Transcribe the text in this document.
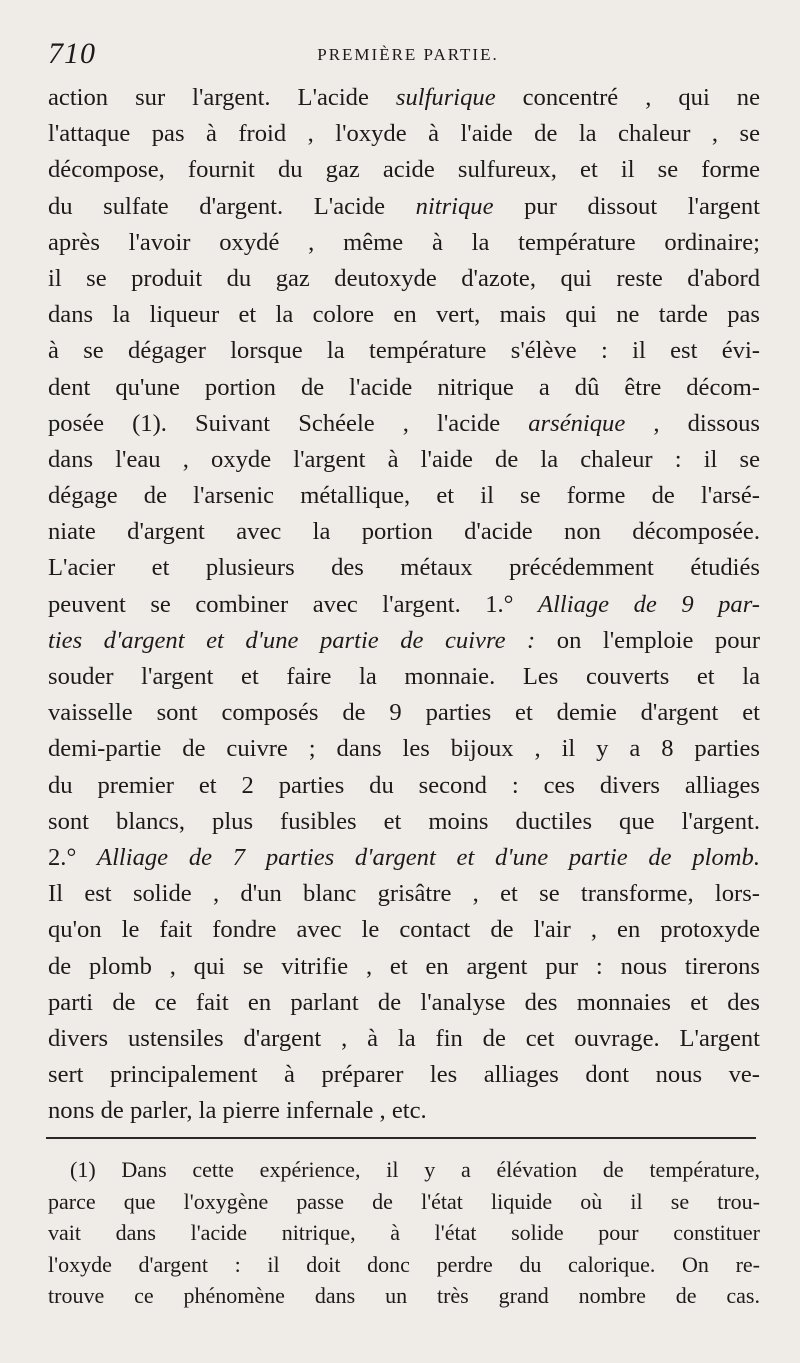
710	PREMIÈRE PARTIE.
action sur l'argent. L'acide sulfurique concentré , qui ne
l'attaque pas à froid , l'oxyde à l'aide de la chaleur , se
décompose, fournit du gaz acide sulfureux, et il se forme
du sulfate d'argent. L'acide nitrique pur dissout l'argent
après l'avoir oxydé , même à la température ordinaire;
il se produit du gaz deutoxyde d'azote, qui reste d'abord
dans la liqueur et la colore en vert, mais qui ne tarde pas
à se dégager lorsque la température s'élève : il est évi-
dent qu'une portion de l'acide nitrique a dû être décom-
posée (1). Suivant Schéele , l'acide arsénique , dissous
dans l'eau , oxyde l'argent à l'aide de la chaleur : il se
dégage de l'arsenic métallique, et il se forme de l'arsé-
niate d'argent avec la portion d'acide non décomposée.
L'acier et plusieurs des métaux précédemment étudiés
peuvent se combiner avec l'argent. 1.° Alliage de 9 par-
ties d'argent et d'une partie de cuivre : on l'emploie pour
souder l'argent et faire la monnaie. Les couverts et la
vaisselle sont composés de 9 parties et demie d'argent et
demi-partie de cuivre ; dans les bijoux , il y a 8 parties
du premier et 2 parties du second : ces divers alliages
sont blancs, plus fusibles et moins ductiles que l'argent.
2.° Alliage de 7 parties d'argent et d'une partie de plomb.
Il est solide , d'un blanc grisâtre , et se transforme, lors-
qu'on le fait fondre avec le contact de l'air , en protoxyde
de plomb , qui se vitrifie , et en argent pur : nous tirerons
parti de ce fait en parlant de l'analyse des monnaies et des
divers ustensiles d'argent , à la fin de cet ouvrage. L'argent
sert principalement à préparer les alliages dont nous ve-
nons de parler, la pierre infernale , etc.
(1) Dans cette expérience, il y a élévation de température,
parce que l'oxygène passe de l'état liquide où il se trou-
vait dans l'acide nitrique, à l'état solide pour constituer
l'oxyde d'argent : il doit donc perdre du calorique. On re-
trouve ce phénomène dans un très grand nombre de cas.
